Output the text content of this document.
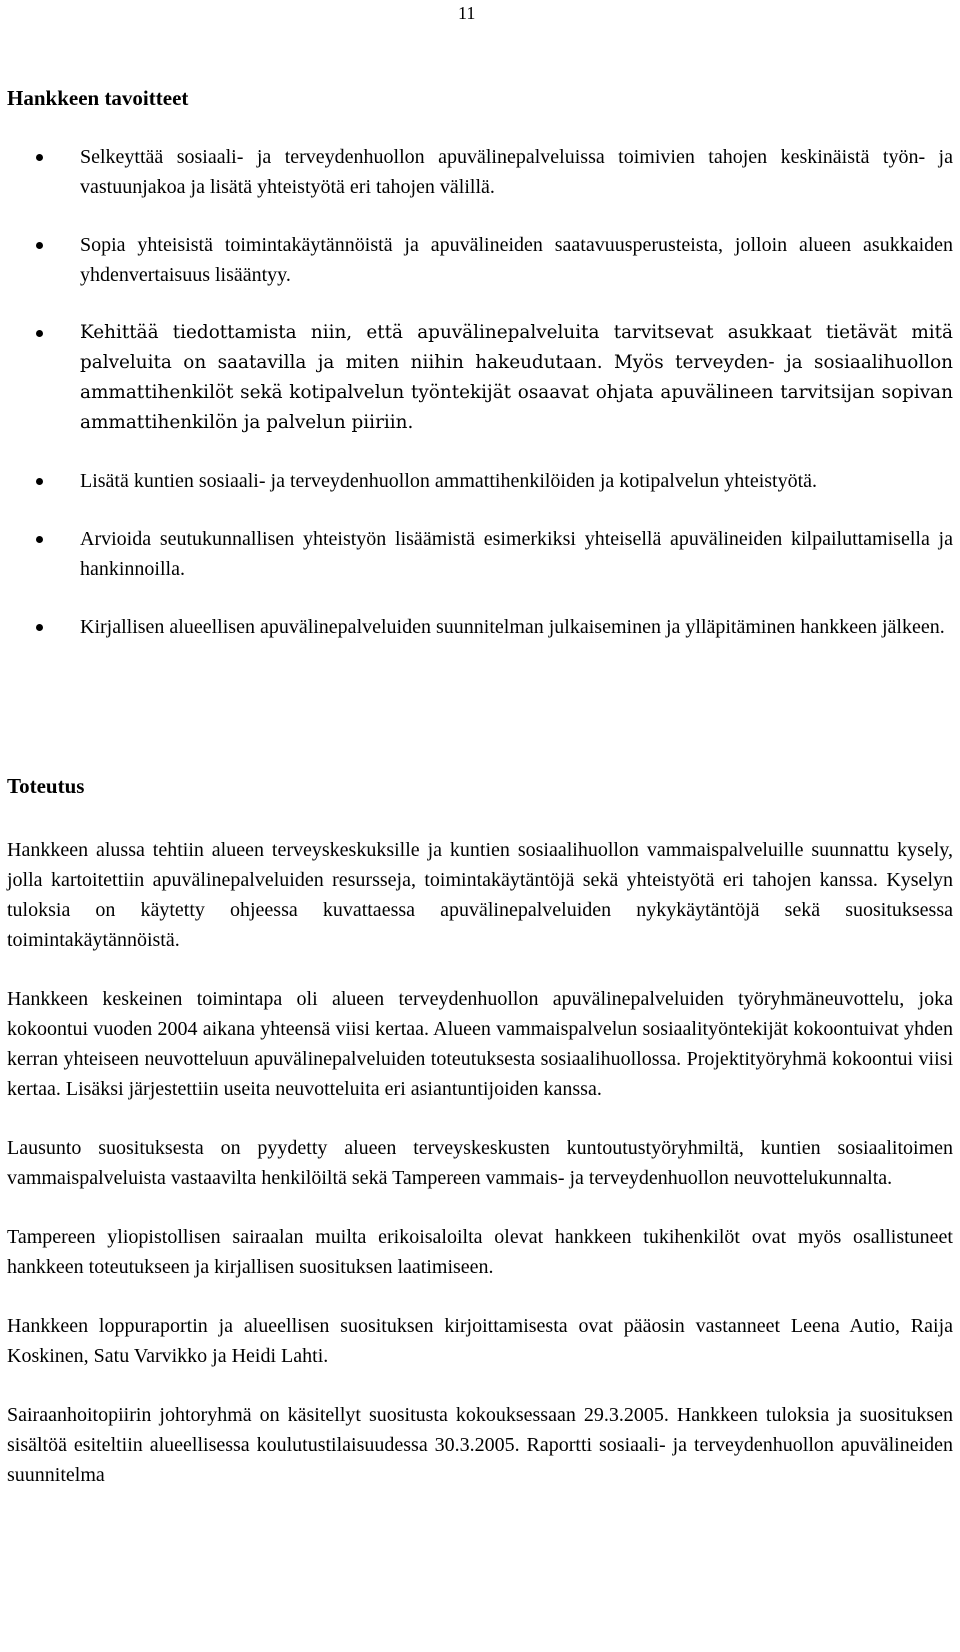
11
Hankkeen tavoitteet
Selkeyttää sosiaali- ja terveydenhuollon apuvälinepalveluissa toimivien tahojen keskinäistä työn- ja vastuunjakoa ja lisätä yhteistyötä eri tahojen välillä.
Sopia yhteisistä toimintakäytännöistä ja apuvälineiden saatavuusperusteista, jolloin alueen asukkaiden yhdenvertaisuus lisääntyy.
Kehittää tiedottamista niin, että apuvälinepalveluita tarvitsevat asukkaat tietävät mitä palveluita on saatavilla ja miten niihin hakeudutaan. Myös terveyden- ja sosiaalihuollon ammattihenkilöt sekä kotipalvelun työntekijät osaavat ohjata apuvälineen tarvitsijan sopivan ammattihenkilön ja palvelun piiriin.
Lisätä kuntien sosiaali- ja terveydenhuollon ammattihenkilöiden ja kotipalvelun yhteistyötä.
Arvioida seutukunnallisen yhteistyön lisäämistä esimerkiksi yhteisellä apuvälineiden kilpailuttamisella ja hankinnoilla.
Kirjallisen alueellisen apuvälinepalveluiden suunnitelman julkaiseminen ja ylläpitäminen hankkeen jälkeen.
Toteutus

Hankkeen alussa tehtiin alueen terveyskeskuksille ja kuntien sosiaalihuollon vammaispalveluille suunnattu kysely, jolla kartoitettiin apuvälinepalveluiden resursseja, toimintakäytäntöjä sekä yhteistyötä eri tahojen kanssa. Kyselyn tuloksia on käytetty ohjeessa kuvattaessa apuvälinepalveluiden nykykäytäntöjä sekä suosituksessa toimintakäytännöistä.

Hankkeen keskeinen toimintapa oli alueen terveydenhuollon apuvälinepalveluiden työryhmäneuvottelu, joka kokoontui vuoden 2004 aikana yhteensä viisi kertaa. Alueen vammaispalvelun sosiaalityöntekijät kokoontuivat yhden kerran yhteiseen neuvotteluun apuvälinepalveluiden toteutuksesta sosiaalihuollossa. Projektityöryhmä kokoontui viisi kertaa. Lisäksi järjestettiin useita neuvotteluita eri asiantuntijoiden kanssa.

Lausunto suosituksesta on pyydetty alueen terveyskeskusten kuntoutustyöryhmiltä, kuntien sosiaalitoimen vammaispalveluista vastaavilta henkilöiltä sekä Tampereen vammais- ja terveydenhuollon neuvottelukunnalta.

Tampereen yliopistollisen sairaalan muilta erikoisaloilta olevat hankkeen tukihenkilöt ovat myös osallistuneet hankkeen toteutukseen ja kirjallisen suosituksen laatimiseen.

Hankkeen loppuraportin ja alueellisen suosituksen kirjoittamisesta ovat pääosin vastanneet Leena Autio, Raija Koskinen, Satu Varvikko ja Heidi Lahti.

Sairaanhoitopiirin johtoryhmä on käsitellyt suositusta kokouksessaan 29.3.2005. Hankkeen tuloksia ja suosituksen sisältöä esiteltiin alueellisessa koulutustilaisuudessa 30.3.2005. Raportti sosiaali- ja terveydenhuollon apuvälineiden suunnitelma
